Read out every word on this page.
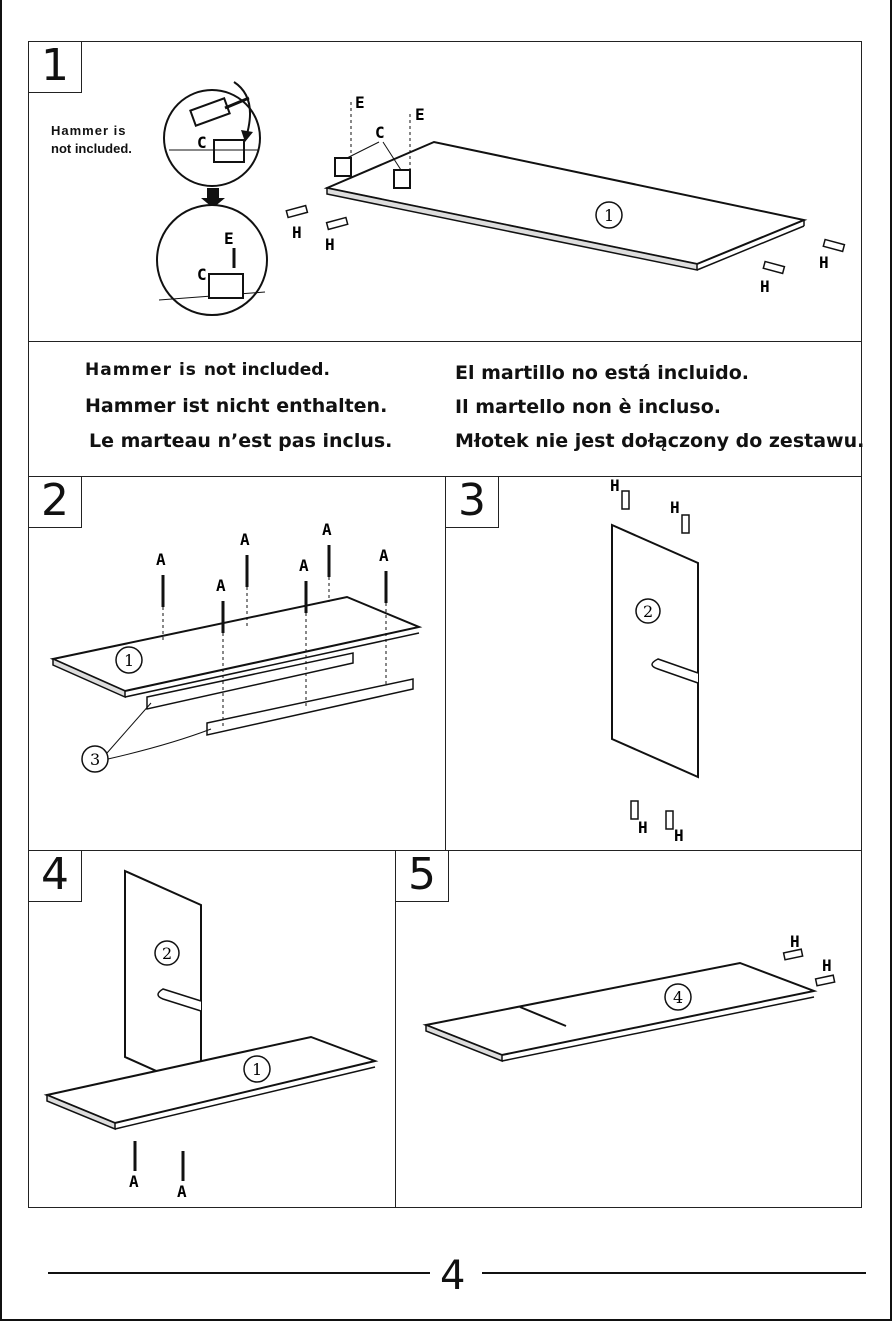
1
Hammer is
not included.	C
E
C
1
E
E
C
H
H
H
H
Hammer is not included.
Hammer ist nicht enthalten.
Le marteau n’est pas inclus.
El martillo no está incluido.
Il martello non è incluso.
Młotek nie jest dołączony do zestawu.
2
1
3
A
A
A
A
A
A
3
2
H
H
H H
4
2
1
A
A
5
4
H
H
4
